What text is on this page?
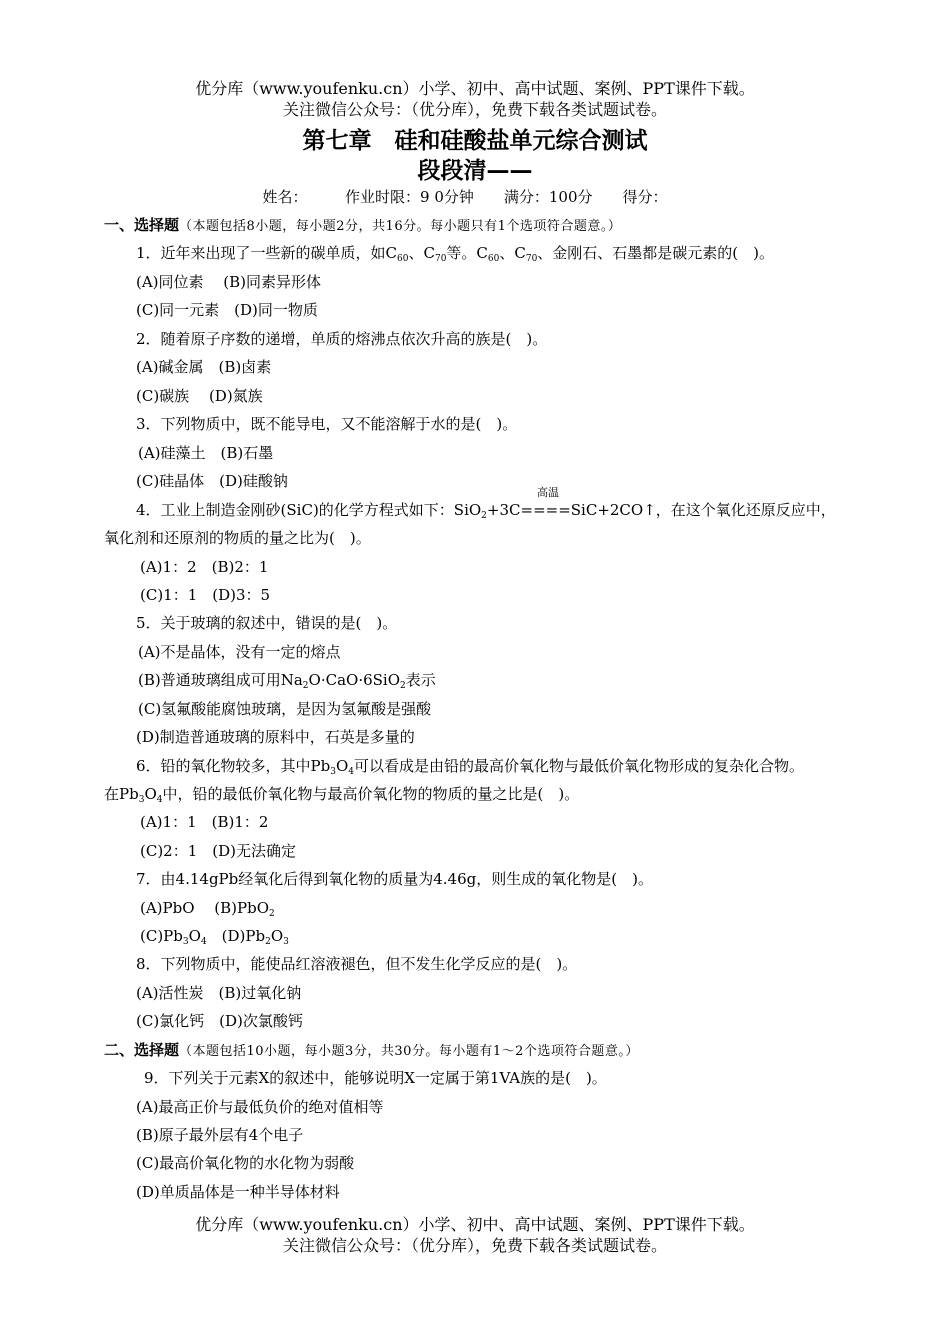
优分库（www.youfenku.cn）小学、初中、高中试题、案例、PPT课件下载。
关注微信公众号：（优分库），免费下载各类试题试卷。
第七章　硅和硅酸盐单元综合测试
段段清——
姓名：　　　作业时限：9 0分钟　　满分：100分　　得分：
一、选择题（本题包括8小题，每小题2分，共16分。每小题只有1个选项符合题意。）
1．近年来出现了一些新的碳单质，如$C_{60}$、$C_{70}$等。$C_{60}$、$C_{70}$、金刚石、石墨都是碳元素的(　)。
(A)同位素　 (B)同素异形体
(C)同一元素　(D)同一物质
2．随着原子序数的递增，单质的熔沸点依次升高的族是(　)。
(A)碱金属　(B)卤素
(C)碳族　 (D)氮族
3．下列物质中，既不能导电，又不能溶解于水的是(　)。
(A)硅藻土　(B)石墨
(C)硅晶体　(D)硅酸钠
高温
4．工业上制造金刚砂(SiC)的化学方程式如下：SiO$_2$+3C====SiC+2CO↑，在这个氧化还原反应中，
氧化剂和还原剂的物质的量之比为(　)。
(A)1：2　(B)2：1
(C)1：1　(D)3：5
5．关于玻璃的叙述中，错误的是(　)。
(A)不是晶体，没有一定的熔点
(B)普通玻璃组成可用$Na_2O\cdot CaO\cdot 6SiO_2$表示
(C)氢氟酸能腐蚀玻璃，是因为氢氟酸是强酸
(D)制造普通玻璃的原料中，石英是多量的
6．铅的氧化物较多，其中$Pb_3O_4$可以看成是由铅的最高价氧化物与最低价氧化物形成的复杂化合物。
在$Pb_3O_4$中，铅的最低价氧化物与最高价氧化物的物质的量之比是(　)。
(A)1：1　(B)1：2
(C)2：1　(D)无法确定
7．由4.14gPb经氧化后得到氧化物的质量为4.46g，则生成的氧化物是(　)。
(A)PbO　 (B)PbO$_2$
$(C)Pb_3O_4$　$(D)Pb_2O_3$
8．下列物质中，能使品红溶液褪色，但不发生化学反应的是(　)。
(A)活性炭　(B)过氧化钠
(C)氯化钙　(D)次氯酸钙
二、选择题（本题包括10小题，每小题3分，共30分。每小题有1～2个选项符合题意。）
9．下列关于元素X的叙述中，能够说明X一定属于第1VA族的是(　)。
(A)最高正价与最低负价的绝对值相等
(B)原子最外层有4个电子
(C)最高价氧化物的水化物为弱酸
(D)单质晶体是一种半导体材料
优分库（www.youfenku.cn）小学、初中、高中试题、案例、PPT课件下载。
关注微信公众号：（优分库），免费下载各类试题试卷。
